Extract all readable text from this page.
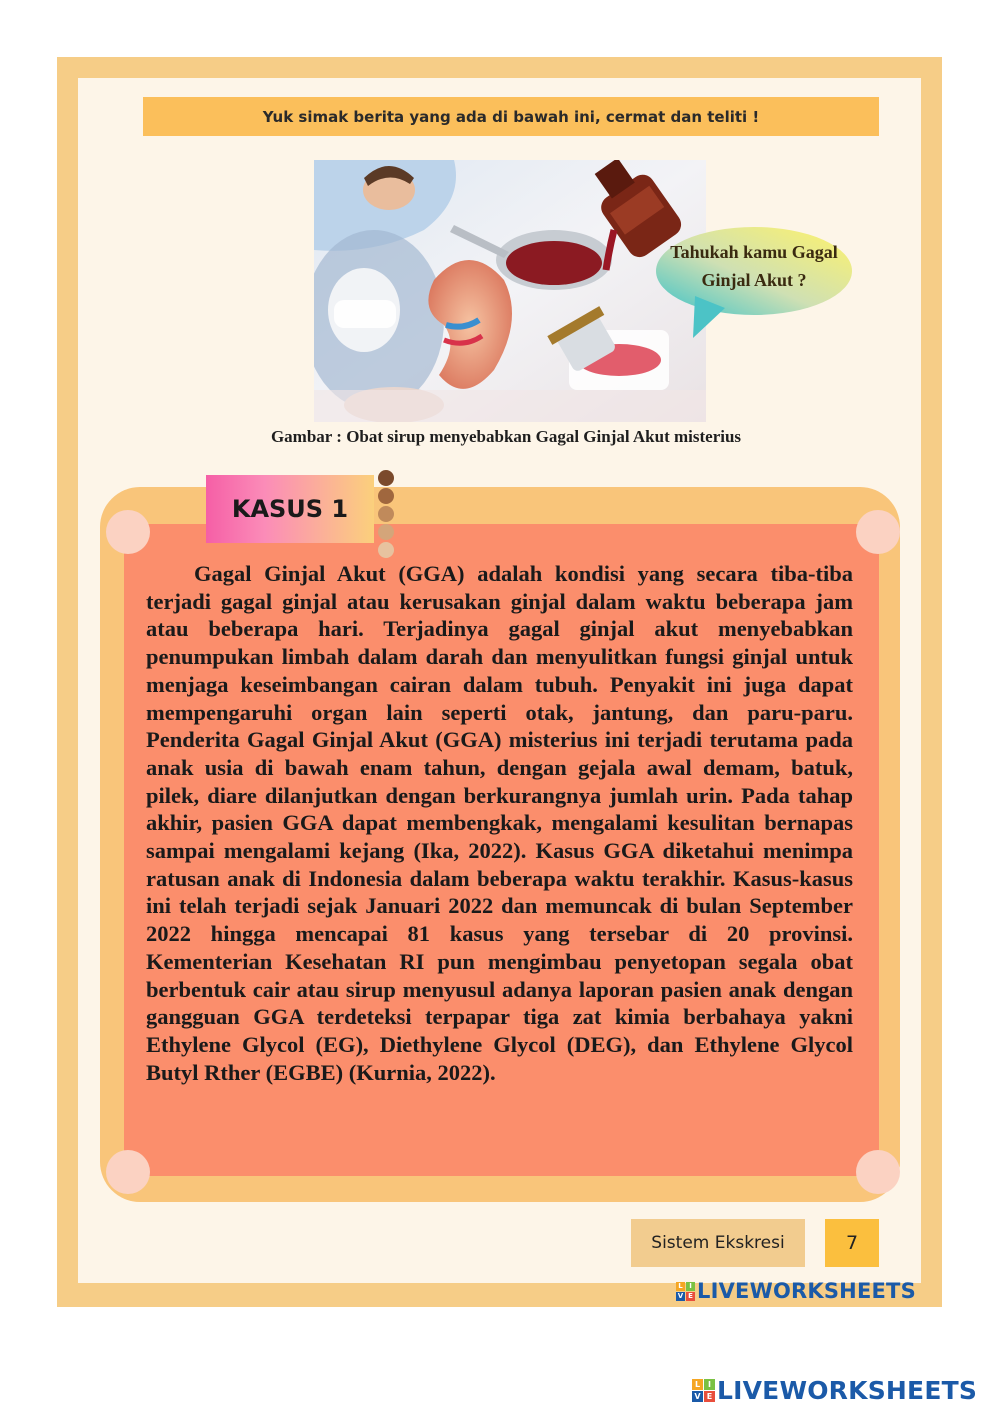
Yuk simak berita yang ada di bawah ini, cermat dan teliti !
Tahukah kamu Gagal
Ginjal Akut ?
Gambar : Obat sirup menyebabkan Gagal Ginjal Akut misterius
KASUS 1
Gagal Ginjal Akut (GGA) adalah kondisi yang secara tiba-tiba terjadi gagal ginjal atau kerusakan ginjal dalam waktu beberapa jam atau beberapa hari. Terjadinya gagal ginjal akut menyebabkan penumpukan limbah dalam darah dan menyulitkan fungsi ginjal untuk menjaga keseimbangan cairan dalam tubuh. Penyakit ini juga dapat mempengaruhi organ lain seperti otak, jantung, dan paru-paru. Penderita Gagal Ginjal Akut (GGA) misterius ini terjadi terutama pada anak usia di bawah enam tahun, dengan gejala awal demam, batuk, pilek, diare dilanjutkan dengan berkurangnya jumlah urin. Pada tahap akhir, pasien GGA dapat membengkak, mengalami kesulitan bernapas sampai mengalami kejang (Ika, 2022). Kasus GGA diketahui menimpa ratusan anak di Indonesia dalam beberapa waktu terakhir. Kasus-kasus ini telah terjadi sejak Januari 2022 dan memuncak di bulan September 2022 hingga mencapai 81 kasus yang tersebar di 20 provinsi. Kementerian Kesehatan RI pun mengimbau penyetopan segala obat berbentuk cair atau sirup menyusul adanya laporan pasien anak dengan gangguan GGA terdeteksi terpapar tiga zat kimia berbahaya yakni Ethylene Glycol (EG), Diethylene Glycol (DEG), dan Ethylene Glycol Butyl Rther (EGBE) (Kurnia, 2022).
Sistem Ekskresi	7
L I
V E LIVEWORKSHEETS
L I
V E LIVEWORKSHEETS
